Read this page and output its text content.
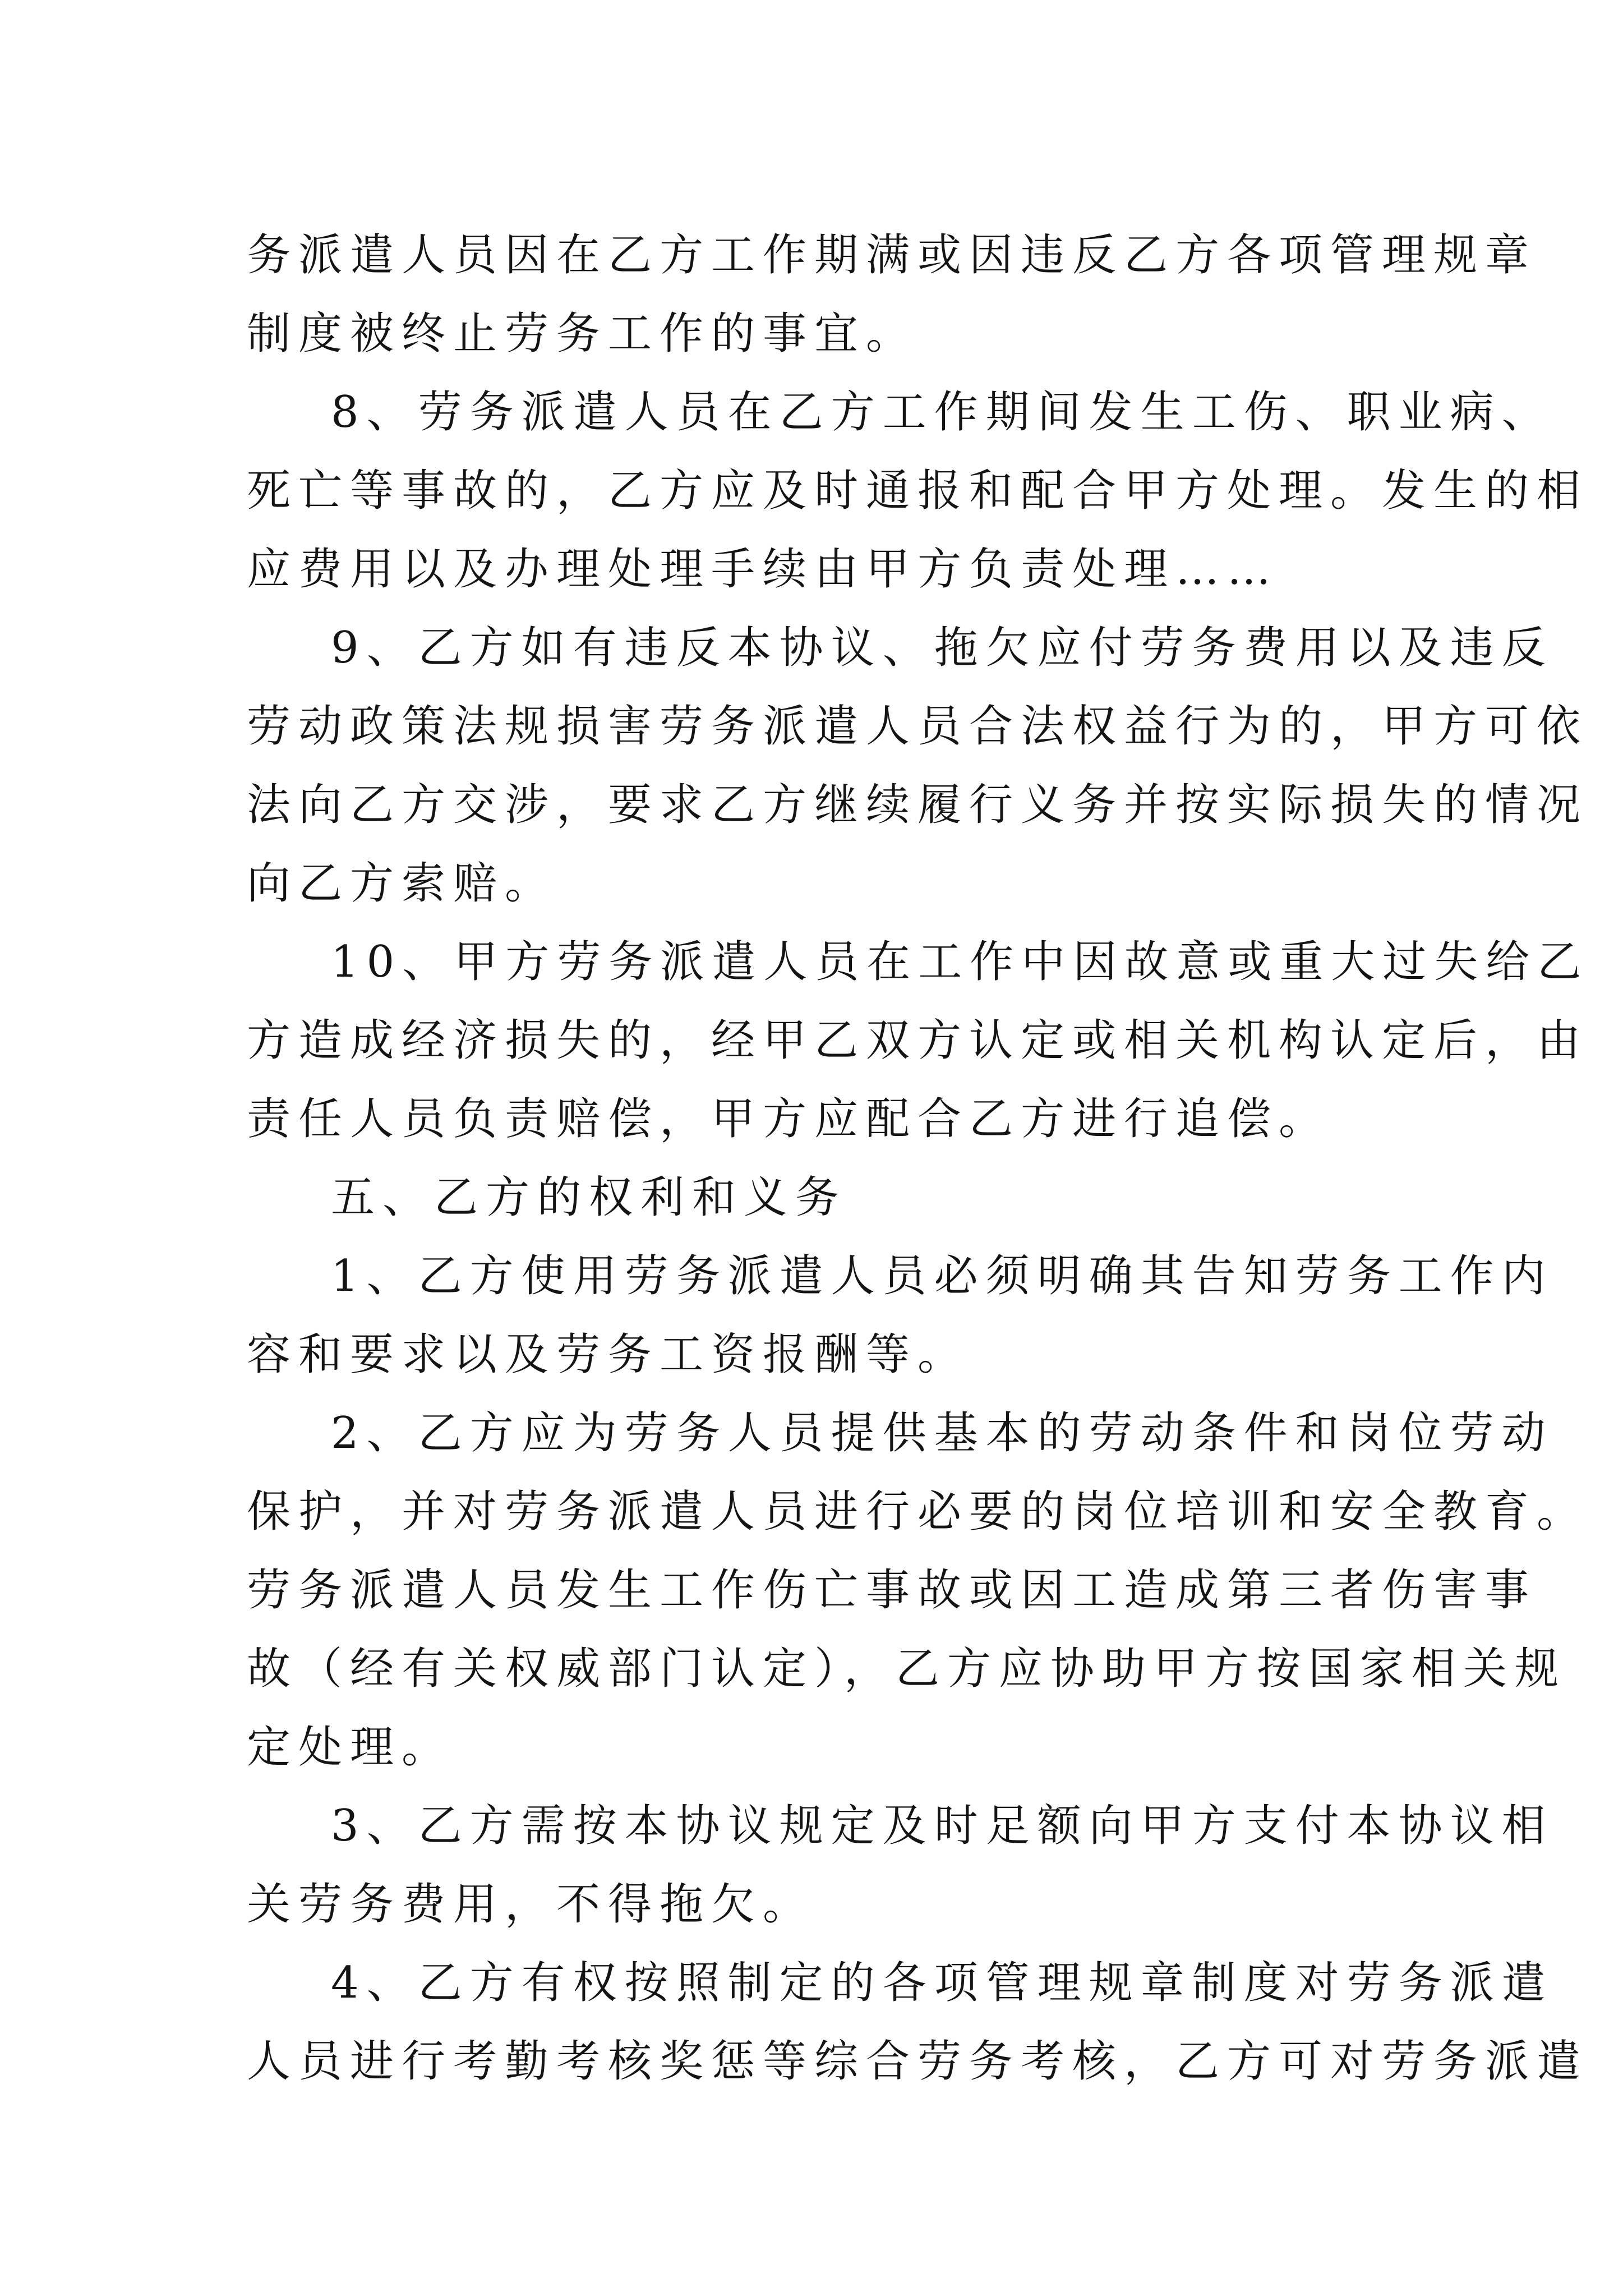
务派遣人员因在乙方工作期满或因违反乙方各项管理规章
制度被终止劳务工作的事宜。
8、劳务派遣人员在乙方工作期间发生工伤、职业病、
死亡等事故的，乙方应及时通报和配合甲方处理。发生的相
应费用以及办理处理手续由甲方负责处理……
9、乙方如有违反本协议、拖欠应付劳务费用以及违反
劳动政策法规损害劳务派遣人员合法权益行为的，甲方可依
法向乙方交涉，要求乙方继续履行义务并按实际损失的情况
向乙方索赔。
10、甲方劳务派遣人员在工作中因故意或重大过失给乙
方造成经济损失的，经甲乙双方认定或相关机构认定后，由
责任人员负责赔偿，甲方应配合乙方进行追偿。
五、乙方的权利和义务
1、乙方使用劳务派遣人员必须明确其告知劳务工作内
容和要求以及劳务工资报酬等。
2、乙方应为劳务人员提供基本的劳动条件和岗位劳动
保护，并对劳务派遣人员进行必要的岗位培训和安全教育。
劳务派遣人员发生工作伤亡事故或因工造成第三者伤害事
故（经有关权威部门认定），乙方应协助甲方按国家相关规
定处理。
3、乙方需按本协议规定及时足额向甲方支付本协议相
关劳务费用，不得拖欠。
4、乙方有权按照制定的各项管理规章制度对劳务派遣
人员进行考勤考核奖惩等综合劳务考核，乙方可对劳务派遣
